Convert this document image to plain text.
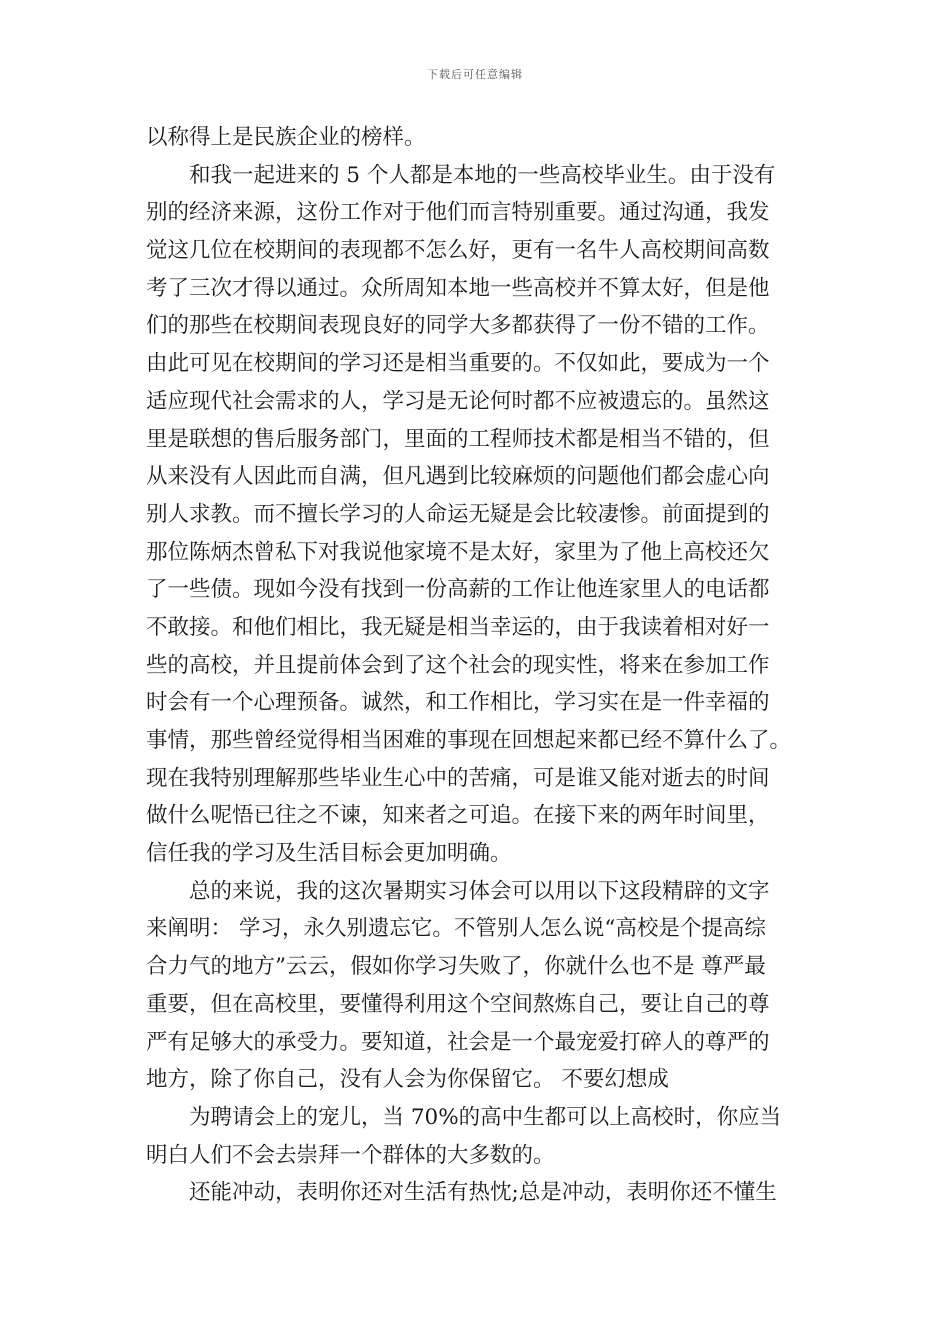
下载后可任意编辑
以称得上是民族企业的榜样。
和我一起进来的 5 个人都是本地的一些高校毕业生。由于没有
别的经济来源，这份工作对于他们而言特别重要。通过沟通，我发
觉这几位在校期间的表现都不怎么好，更有一名牛人高校期间高数
考了三次才得以通过。众所周知本地一些高校并不算太好，但是他
们的那些在校期间表现良好的同学大多都获得了一份不错的工作。
由此可见在校期间的学习还是相当重要的。不仅如此，要成为一个
适应现代社会需求的人，学习是无论何时都不应被遗忘的。虽然这
里是联想的售后服务部门，里面的工程师技术都是相当不错的，但
从来没有人因此而自满，但凡遇到比较麻烦的问题他们都会虚心向
别人求教。而不擅长学习的人命运无疑是会比较凄惨。前面提到的
那位陈炳杰曾私下对我说他家境不是太好，家里为了他上高校还欠
了一些债。现如今没有找到一份高薪的工作让他连家里人的电话都
不敢接。和他们相比，我无疑是相当幸运的，由于我读着相对好一
些的高校，并且提前体会到了这个社会的现实性，将来在参加工作
时会有一个心理预备。诚然，和工作相比，学习实在是一件幸福的
事情，那些曾经觉得相当困难的事现在回想起来都已经不算什么了。
现在我特别理解那些毕业生心中的苦痛，可是谁又能对逝去的时间
做什么呢悟已往之不谏，知来者之可追。在接下来的两年时间里，
信任我的学习及生活目标会更加明确。
总的来说，我的这次暑期实习体会可以用以下这段精辟的文字
来阐明： 学习，永久别遗忘它。不管别人怎么说“高校是个提高综
合力气的地方”云云，假如你学习失败了，你就什么也不是 尊严最
重要，但在高校里，要懂得利用这个空间熬炼自己，要让自己的尊
严有足够大的承受力。要知道，社会是一个最宠爱打碎人的尊严的
地方，除了你自己，没有人会为你保留它。 不要幻想成
为聘请会上的宠儿，当 70%的高中生都可以上高校时，你应当
明白人们不会去崇拜一个群体的大多数的。
还能冲动，表明你还对生活有热忱;总是冲动，表明你还不懂生
